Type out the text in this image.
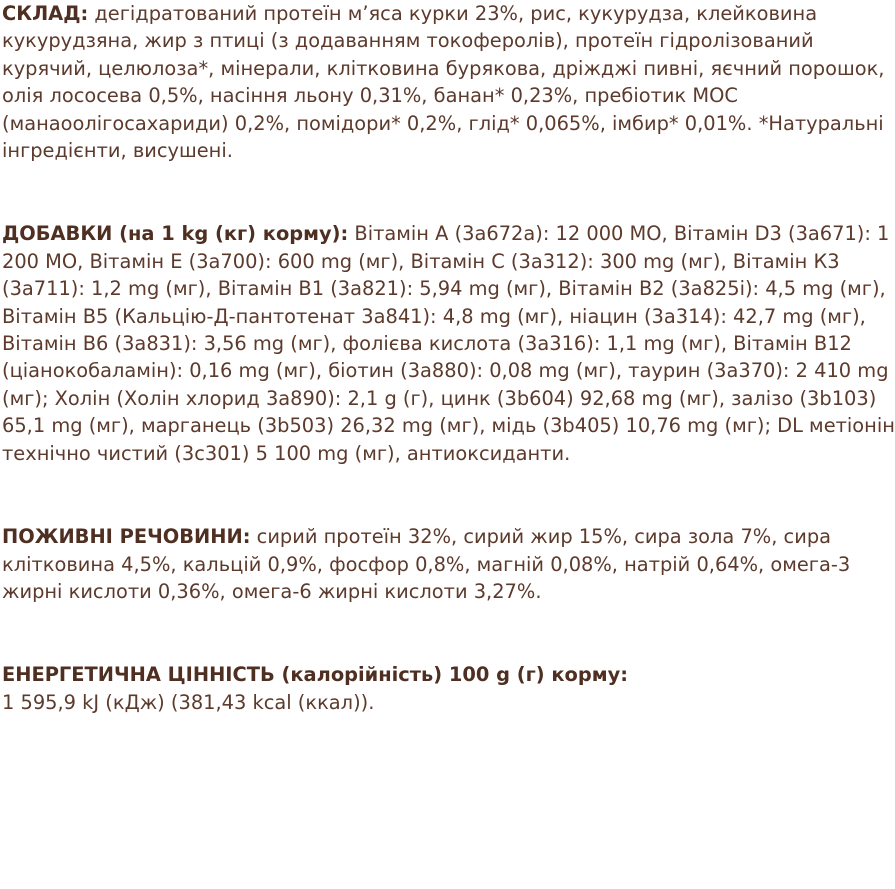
СКЛАД: дегідратований протеїн м’яса курки 23%, рис, кукурудза, клейковина кукурудзяна, жир з птиці (з додаванням токоферолів), протеїн гідролізований курячий, целюлоза*, мінерали, клітковина бурякова, дріжджі пивні, яєчний порошок, олія лососева 0,5%, насіння льону 0,31%, банан* 0,23%, пребіотик МОС (манаоолігосахариди) 0,2%, помідори* 0,2%, глід* 0,065%, імбир* 0,01%. *Натуральні інгредієнти, висушені.

ДОБАВКИ (на 1 kg (кг) корму): Вітамін А (3а672а): 12 000 МО, Вітамін D3 (3а671): 1 200 МО, Вітамін Е (3а700): 600 mg (мг), Вітамін С (3а312): 300 mg (мг), Вітамін К3 (3а711): 1,2 mg (мг), Вітамін В1 (3а821): 5,94 mg (мг), Вітамін В2 (3а825і): 4,5 mg (мг), Вітамін В5 (Кальцію-Д-пантотенат 3а841): 4,8 mg (мг), ніацин (3а314): 42,7 mg (мг), Вітамін В6 (3а831): 3,56 mg (мг), фолієва кислота (3а316): 1,1 mg (мг), Вітамін В12 (ціанокобаламін): 0,16 mg (мг), біотин (3а880): 0,08 mg (мг), таурин (3а370): 2 410 mg (мг); Холін (Холін хлорид 3а890): 2,1 g (г), цинк (3b604) 92,68 mg (мг), залізо (3b103) 65,1 mg (мг), марганець (3b503) 26,32 mg (мг), мідь (3b405) 10,76 mg (мг); DL метіонін технічно чистий (3с301) 5 100 mg (мг), антиоксиданти.

ПОЖИВНІ РЕЧОВИНИ: сирий протеїн 32%, сирий жир 15%, сира зола 7%, сира клітковина 4,5%, кальцій 0,9%, фосфор 0,8%, магній 0,08%, натрій 0,64%, омега-3 жирні кислоти 0,36%, омега-6 жирні кислоти 3,27%.

ЕНЕРГЕТИЧНА ЦІННІСТЬ (калорійність) 100 g (г) корму:
1 595,9 kJ (кДж) (381,43 kcal (ккал)).
